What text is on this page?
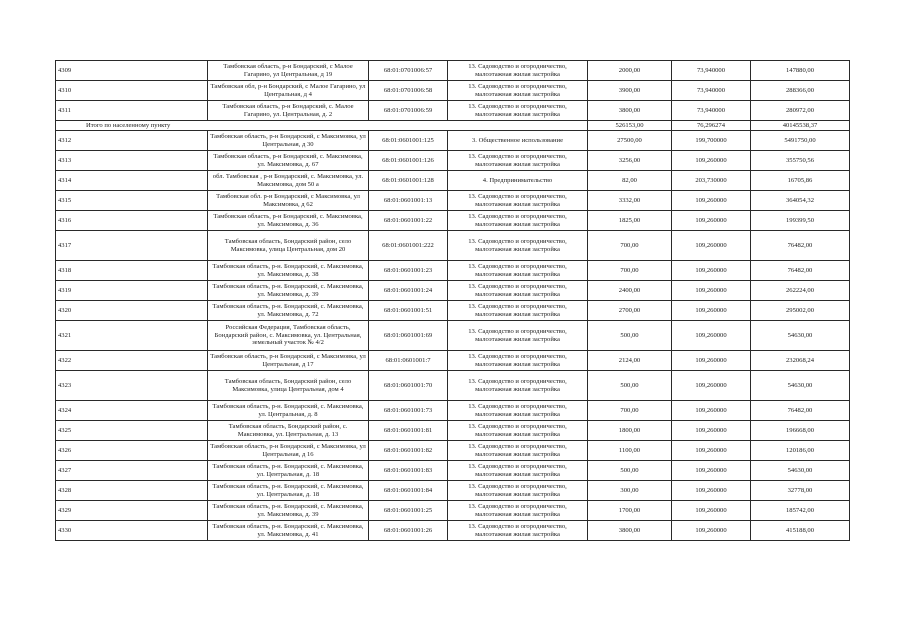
4309	Тамбовская область, р-н Бондарский, с Малое Гагарино, ул Центральная, д 19	68:01:0701006:57	13. Садоводство и огородничество, малоэтажная жилая застройка	2000,00	73,940000	147880,00
4310	Тамбовская обл, р-н Бондарский, с Малое Гагарино, ул Центральная, д 4	68:01:0701006:58	13. Садоводство и огородничество, малоэтажная жилая застройка	3900,00	73,940000	288366,00
4311	Тамбовская область, р-н Бондарский, с. Малое Гагарино, ул. Центральная, д. 2	68:01:0701006:59	13. Садоводство и огородничество, малоэтажная жилая застройка	3800,00	73,940000	280972,00
Итого по населенному пункту				526153,00	76,296274	40145538,37
4312	Тамбовская область, р-н Бондарский, с Максимовка, ул Центральная, д 30	68:01:0601001:125	3. Общественное использование	27500,00	199,700000	5491750,00
4313	Тамбовская область, р-н Бондарский, с. Максимовка, ул. Максимовка, д. 67	68:01:0601001:126	13. Садоводство и огородничество, малоэтажная жилая застройка	3256,00	109,260000	355750,56
4314	обл. Тамбовская , р-н Бондарский, с. Максимовка, ул. Максимовка, дом 50 а	68:01:0601001:128	4. Предпринимательство	82,00	203,730000	16705,86
4315	Тамбовская обл. р-н Бондарский, с Максимовка, ул Максимовка, д 62	68:01:0601001:13	13. Садоводство и огородничество, малоэтажная жилая застройка	3332,00	109,260000	364054,32
4316	Тамбовская область, р-н Бондарский, с. Максимовка, ул. Максимовка, д. 36	68:01:0601001:22	13. Садоводство и огородничество, малоэтажная жилая застройка	1825,00	109,260000	199399,50
4317	Тамбовская область, Бондарский район, село Максимовка, улица Центральная, дом 20	68:01:0601001:222	13. Садоводство и огородничество, малоэтажная жилая застройка	700,00	109,260000	76482,00
4318	Тамбовская область, р-н. Бондарский, с. Максимовка, ул. Максимовка, д. 38	68:01:0601001:23	13. Садоводство и огородничество, малоэтажная жилая застройка	700,00	109,260000	76482,00
4319	Тамбовская область, р-н. Бондарский, с. Максимовка, ул. Максимовка, д. 39	68:01:0601001:24	13. Садоводство и огородничество, малоэтажная жилая застройка	2400,00	109,260000	262224,00
4320	Тамбовская область, р-н. Бондарский, с. Максимовка, ул. Максимовка, д. 72	68:01:0601001:51	13. Садоводство и огородничество, малоэтажная жилая застройка	2700,00	109,260000	295002,00
4321	Российская Федерация, Тамбовская область, Бондарский район, с. Максимовка, ул. Центральная, земельный участок № 4/2	68:01:0601001:69	13. Садоводство и огородничество, малоэтажная жилая застройка	500,00	109,260000	54630,00
4322	Тамбовская область, р-н Бондарский, с Максимовка, ул Центральная, д 17	68:01:0601001:7	13. Садоводство и огородничество, малоэтажная жилая застройка	2124,00	109,260000	232068,24
4323	Тамбовская область, Бондарский район, село Максимовка, улица Центральная, дом 4	68:01:0601001:70	13. Садоводство и огородничество, малоэтажная жилая застройка	500,00	109,260000	54630,00
4324	Тамбовская область, р-н. Бондарский, с. Максимовка, ул. Центральная, д. 8	68:01:0601001:73	13. Садоводство и огородничество, малоэтажная жилая застройка	700,00	109,260000	76482,00
4325	Тамбовская область, Бондарский район, с. Максимовка, ул. Центральная, д. 13	68:01:0601001:81	13. Садоводство и огородничество, малоэтажная жилая застройка	1800,00	109,260000	196668,00
4326	Тамбовская область, р-н Бондарский, с Максимовка, ул Центральная, д 16	68:01:0601001:82	13. Садоводство и огородничество, малоэтажная жилая застройка	1100,00	109,260000	120186,00
4327	Тамбовская область, р-н. Бондарский, с. Максимовка, ул. Центральная, д. 18	68:01:0601001:83	13. Садоводство и огородничество, малоэтажная жилая застройка	500,00	109,260000	54630,00
4328	Тамбовская область, р-н. Бондарский, с. Максимовка, ул. Центральная, д. 18	68:01:0601001:84	13. Садоводство и огородничество, малоэтажная жилая застройка	300,00	109,260000	32778,00
4329	Тамбовская область, р-н. Бондарский, с. Максимовка, ул. Максимовка, д. 39	68:01:0601001:25	13. Садоводство и огородничество, малоэтажная жилая застройка	1700,00	109,260000	185742,00
4330	Тамбовская область, р-н. Бондарский, с. Максимовка, ул. Максимовка, д. 41	68:01:0601001:26	13. Садоводство и огородничество, малоэтажная жилая застройка	3800,00	109,260000	415188,00
